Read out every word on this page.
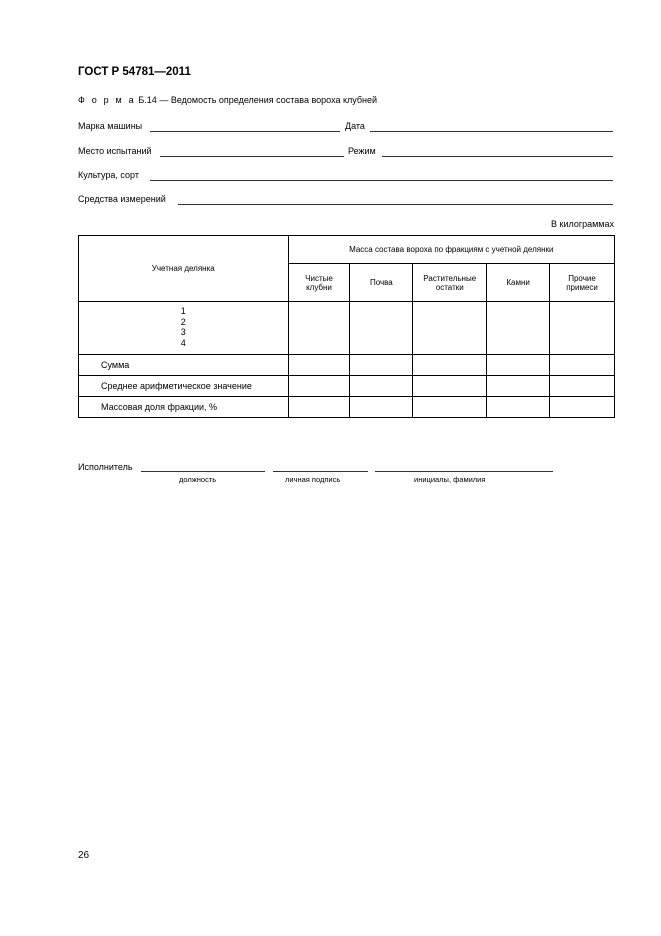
ГОСТ Р 54781—2011
Ф о р м а Б.14 — Ведомость определения состава вороха клубней
Марка машины	Дата
Место испытаний	Режим
Культура, сорт
Средства измерений
В килограммах
Учетная делянка	Масса состава вороха по фракциям с учетной делянки				
	Чистые клубни	Почва	Растительные остатки	Камни	Прочие примеси

1
2
3
4					

Сумма					
Среднее арифметическое значение					
Массовая доля фракции, %					
Исполнитель
должность	личная подпись	инициалы, фамилия
26
